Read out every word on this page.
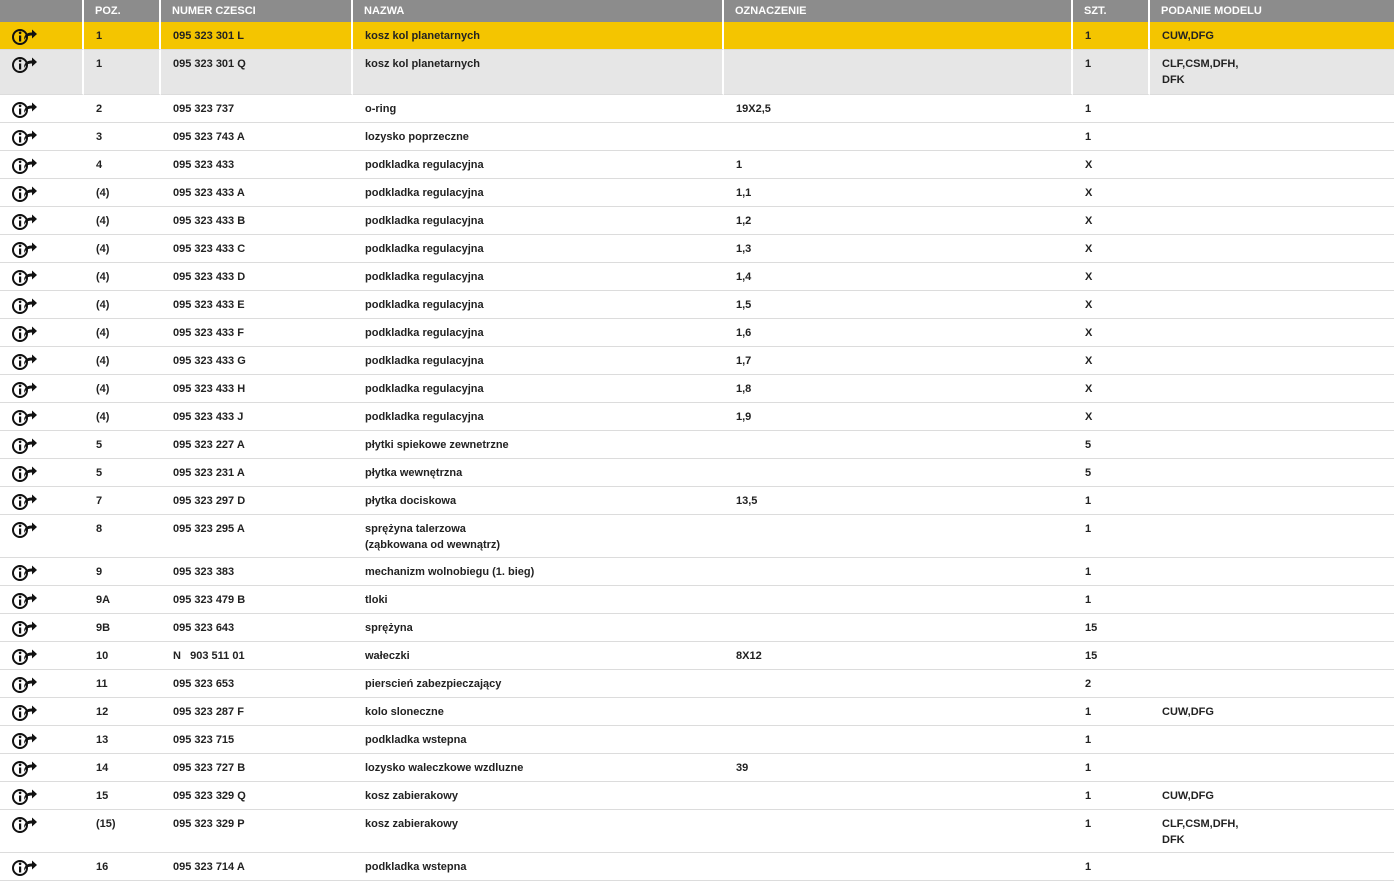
	POZ.	NUMER CZESCI	NAZWA	OZNACZENIE	SZT.	PODANIE MODELU

1	095 323 301 L	kosz kol planetarnych		1	CUW,DFG

1	095 323 301 Q	kosz kol planetarnych		1	CLF,CSM,DFH,
DFK

2	095 323 737	o-ring	19X2,5	1	

3	095 323 743 A	lozysko poprzeczne		1	

4	095 323 433	podkladka regulacyjna	1	X	

(4)	095 323 433 A	podkladka regulacyjna	1,1	X	

(4)	095 323 433 B	podkladka regulacyjna	1,2	X	

(4)	095 323 433 C	podkladka regulacyjna	1,3	X	

(4)	095 323 433 D	podkladka regulacyjna	1,4	X	

(4)	095 323 433 E	podkladka regulacyjna	1,5	X	

(4)	095 323 433 F	podkladka regulacyjna	1,6	X	

(4)	095 323 433 G	podkladka regulacyjna	1,7	X	

(4)	095 323 433 H	podkladka regulacyjna	1,8	X	

(4)	095 323 433 J	podkladka regulacyjna	1,9	X	

5	095 323 227 A	płytki spiekowe zewnetrzne		5	

5	095 323 231 A	płytka wewnętrzna		5	

7	095 323 297 D	płytka dociskowa	13,5	1	

8	095 323 295 A	sprężyna talerzowa
(ząbkowana od wewnątrz)		1	

9	095 323 383	mechanizm wolnobiegu (1. bieg)		1	

9A	095 323 479 B	tloki		1	

9B	095 323 643	sprężyna		15	

10	N   903 511 01	wałeczki	8X12	15	

11	095 323 653	pierscień zabezpieczający		2	

12	095 323 287 F	kolo sloneczne		1	CUW,DFG

13	095 323 715	podkladka wstepna		1	

14	095 323 727 B	lozysko waleczkowe wzdluzne	39	1	

15	095 323 329 Q	kosz zabierakowy		1	CUW,DFG

(15)	095 323 329 P	kosz zabierakowy		1	CLF,CSM,DFH,
DFK

16	095 323 714 A	podkladka wstepna		1	
